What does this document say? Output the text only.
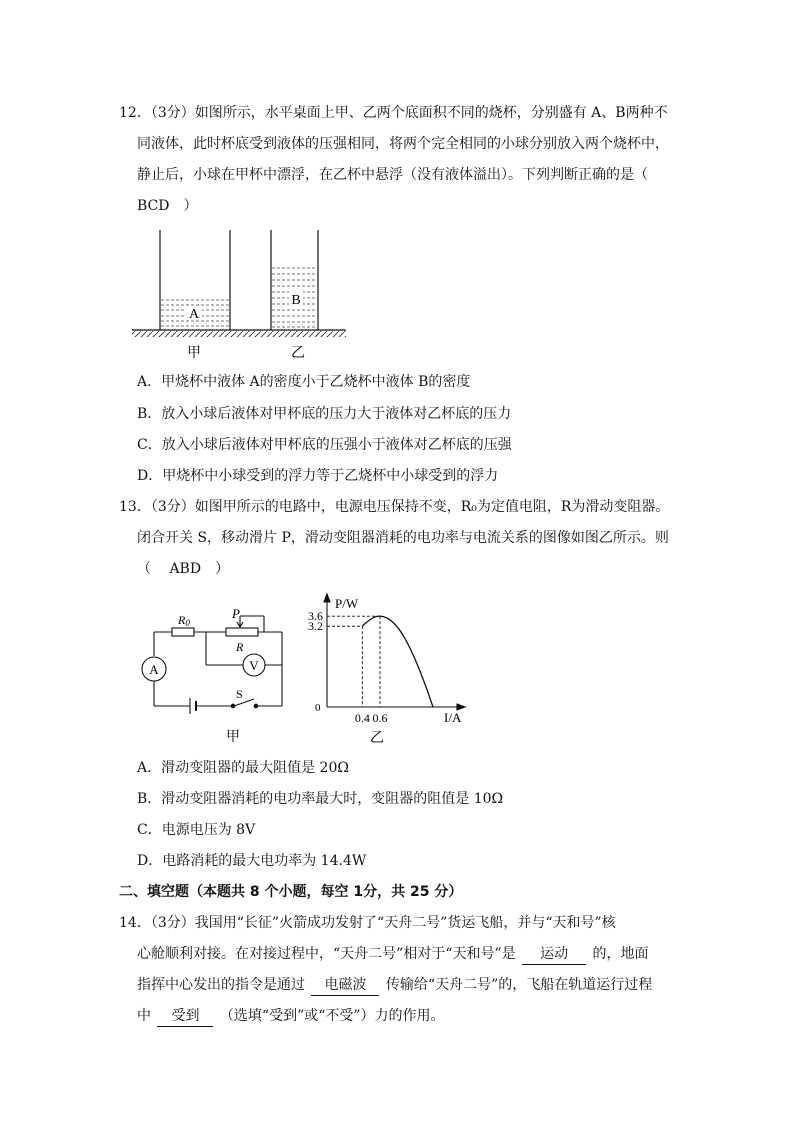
12．（3分）如图所示，水平桌面上甲、乙两个底面积不同的烧杯，分别盛有 A、B两种不
同液体，此时杯底受到液体的压强相同，将两个完全相同的小球分别放入两个烧杯中，
静止后，小球在甲杯中漂浮，在乙杯中悬浮（没有液体溢出）。下列判断正确的是（
BCD　）
A
B
甲	乙
A．甲烧杯中液体 A的密度小于乙烧杯中液体 B的密度
B．放入小球后液体对甲杯底的压力大于液体对乙杯底的压力
C．放入小球后液体对甲杯底的压强小于液体对乙杯底的压强
D．甲烧杯中小球受到的浮力等于乙烧杯中小球受到的浮力
13．（3分）如图甲所示的电路中，电源电压保持不变，R₀为定值电阻，R为滑动变阻器。
闭合开关 S，移动滑片 P，滑动变阻器消耗的电功率与电流关系的图像如图乙所示。则
（　 ABD　）
R0
P
R
A	V
S
甲
P/W
I/A
0
0.4 0.6
3.2
3.6
乙
A．滑动变阻器的最大阻值是 20Ω
B．滑动变阻器消耗的电功率最大时，变阻器的阻值是 10Ω
C．电源电压为 8V
D．电路消耗的最大电功率为 14.4W
二、填空题（本题共 8 个小题，每空 1分，共 25 分）
14．（3分）我国用“长征”火箭成功发射了“天舟二号”货运飞船，并与“天和号”核
心舱顺利对接。在对接过程中，“天舟二号”相对于“天和号”是 运动 的，地面
指挥中心发出的指令是通过 电磁波 传输给“天舟二号”的，飞船在轨道运行过程
中 受到 （选填“受到”或“不受”）力的作用。
